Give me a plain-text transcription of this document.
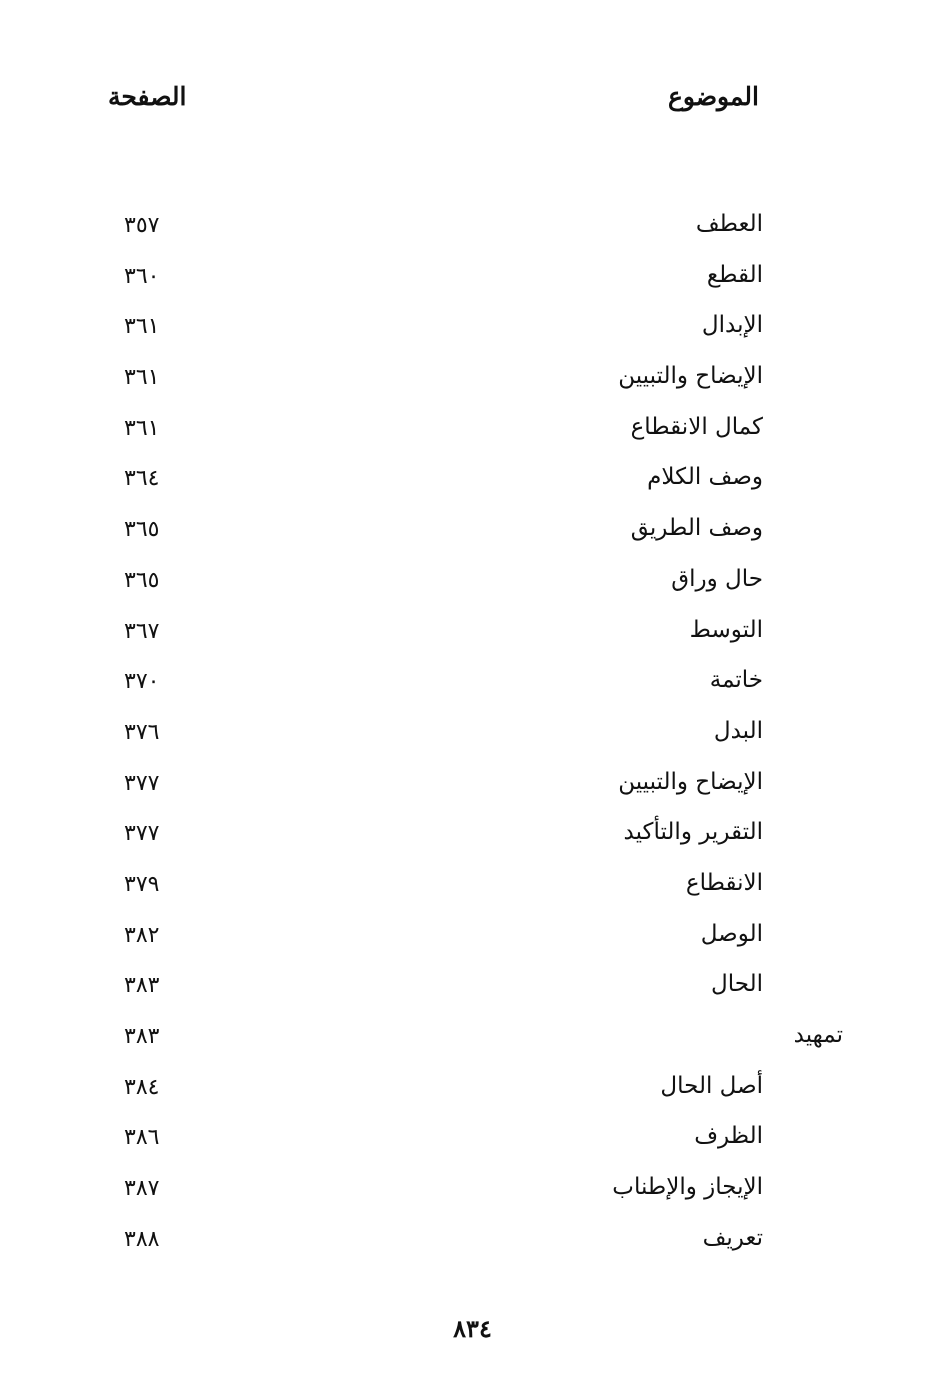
الموضوع
الصفحة
العطف
٣٥٧
القطع
٣٦٠
الإبدال
٣٦١
الإيضاح والتبيين
٣٦١
كمال الانقطاع
٣٦١
وصف الكلام
٣٦٤
وصف الطريق
٣٦٥
حال وراق
٣٦٥
التوسط
٣٦٧
خاتمة
٣٧٠
البدل
٣٧٦
الإيضاح والتبيين
٣٧٧
التقرير والتأكيد
٣٧٧
الانقطاع
٣٧٩
الوصل
٣٨٢
الحال
٣٨٣
تمهيد
٣٨٣
أصل الحال
٣٨٤
الظرف
٣٨٦
الإيجاز والإطناب
٣٨٧
تعريف
٣٨٨
٨٣٤
